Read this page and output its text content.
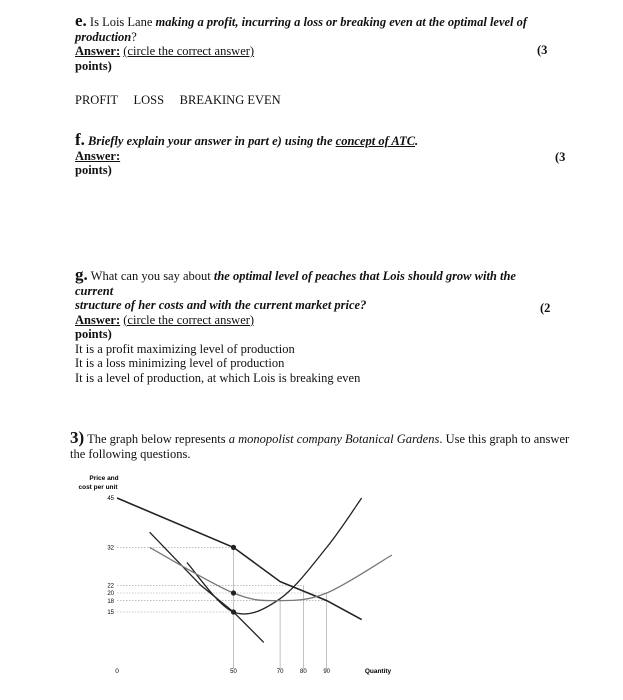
e. Is Lois Lane making a profit, incurring a loss or breaking even at the optimal level of production?
Answer: (circle the correct answer)
points)
(3
PROFIT     LOSS     BREAKING EVEN
f. Briefly explain your answer in part e) using the concept of ATC.
Answer:
points)
(3
g. What can you say about the optimal level of peaches that Lois should grow with the current
structure of her costs and with the current market price?
Answer: (circle the correct answer)
points)
It is a profit maximizing level of production
It is a loss minimizing level of production
It is a level of production, at which Lois is breaking even
(2
3) The graph below represents a monopolist company Botanical Gardens. Use this graph to answer
the following questions.
Price and
cost per unit
Quantity
0
45
32
22
20
18
15
50	70	80	90
